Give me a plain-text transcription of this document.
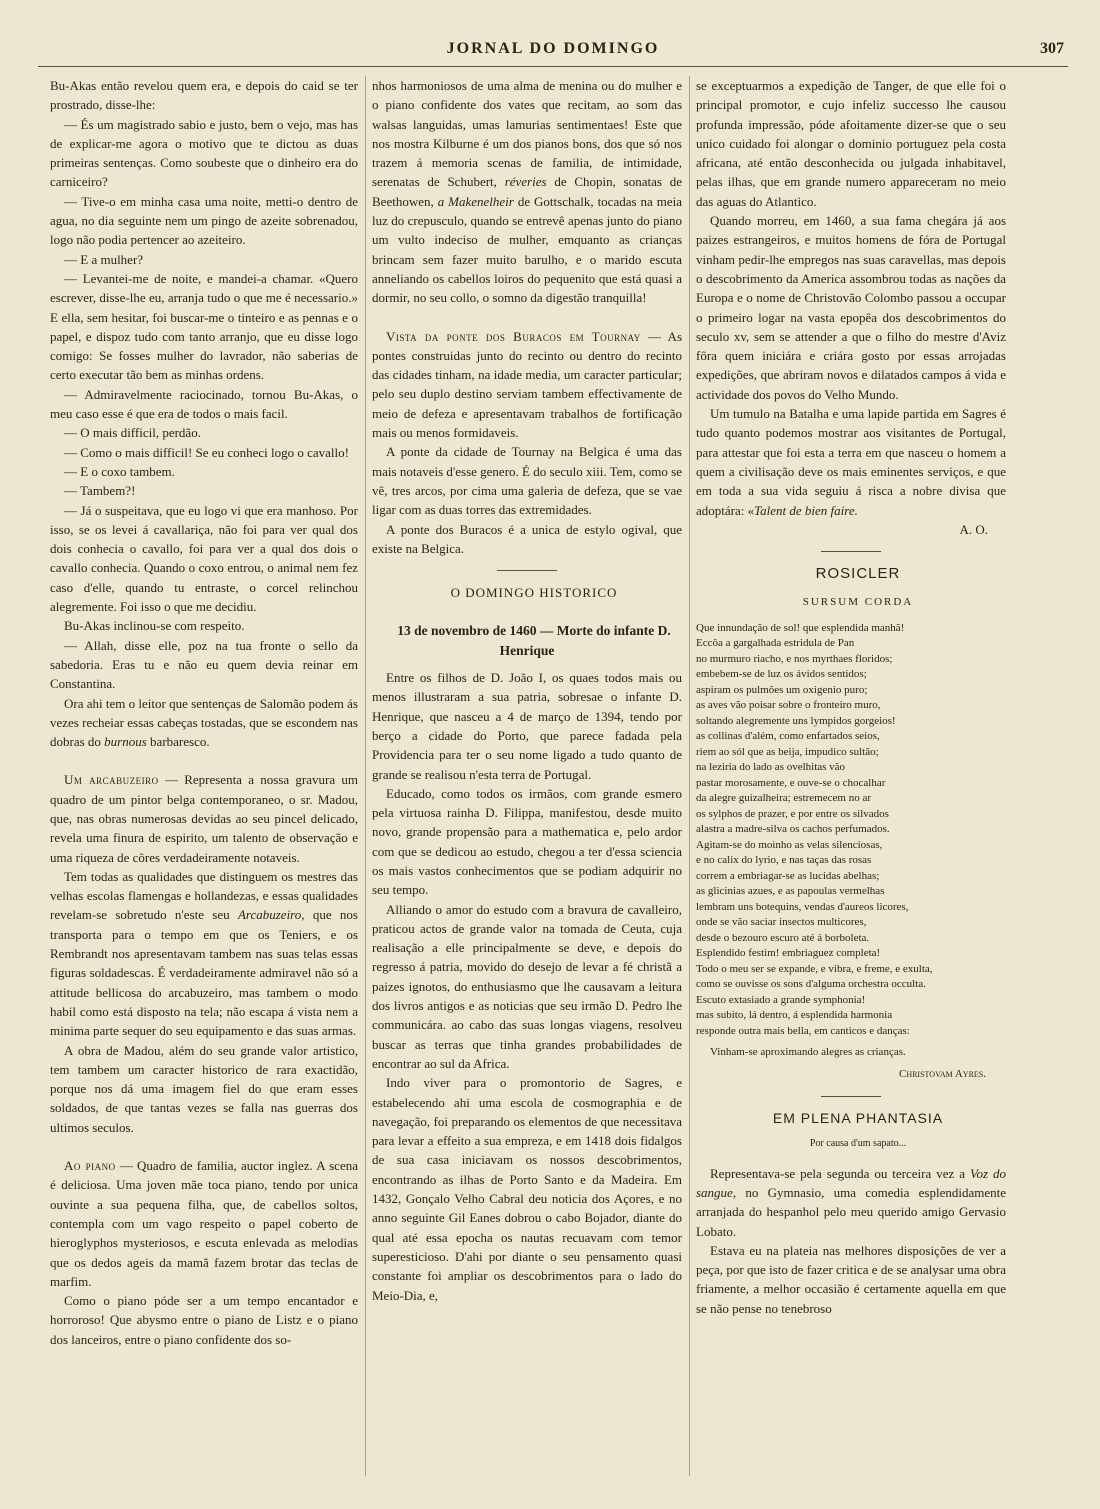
JORNAL DO DOMINGO	307

Bu-Akas então revelou quem era, e depois do caid se ter prostrado, disse-lhe:

— És um magistrado sabio e justo, bem o vejo, mas has de explicar-me agora o motivo que te dictou as duas primeiras sentenças. Como soubeste que o dinheiro era do carniceiro?

— Tive-o em minha casa uma noite, metti-o dentro de agua, no dia seguinte nem um pingo de azeite sobrenadou, logo não podia pertencer ao azeiteiro.

— E a mulher?

— Levantei-me de noite, e mandei-a chamar. «Quero escrever, disse-lhe eu, arranja tudo o que me é necessario.» E ella, sem hesitar, foi buscar-me o tinteiro e as pennas e o papel, e dispoz tudo com tanto arranjo, que eu disse logo comigo: Se fosses mulher do lavrador, não saberias de certo executar tão bem as minhas ordens.

— Admiravelmente raciocinado, tornou Bu-Akas, o meu caso esse é que era de todos o mais facil.

— O mais difficil, perdão.

— Como o mais difficil! Se eu conheci logo o cavallo!

— E o coxo tambem.

— Tambem?!

— Já o suspeitava, que eu logo vi que era manhoso. Por isso, se os levei á cavallariça, não foi para ver qual dos dois conhecia o cavallo, foi para ver a qual dos dois o cavallo conhecia. Quando o coxo entrou, o animal nem fez caso d'elle, quando tu entraste, o corcel relinchou alegremente. Foi isso o que me decidiu.

Bu-Akas inclinou-se com respeito.

— Allah, disse elle, poz na tua fronte o sello da sabedoria. Eras tu e não eu quem devia reinar em Constantina.

Ora ahi tem o leitor que sentenças de Salomão podem ás vezes recheiar essas cabeças tostadas, que se escondem nas dobras do burnous barbaresco.

Um arcabuzeiro — Representa a nossa gravura um quadro de um pintor belga contemporaneo, o sr. Madou, que, nas obras numerosas devidas ao seu pincel delicado, revela uma finura de espirito, um talento de observação e uma riqueza de côres verdadeiramente notaveis.

Tem todas as qualidades que distinguem os mestres das velhas escolas flamengas e hollandezas, e essas qualidades revelam-se sobretudo n'este seu Arcabuzeiro, que nos transporta para o tempo em que os Teniers, e os Rembrandt nos apresentavam tambem nas suas telas essas figuras soldadescas. É verdadeiramente admiravel não só a attitude bellicosa do arcabuzeiro, mas tambem o modo habil como está disposto na tela; não escapa á vista nem a minima parte sequer do seu equipamento e das suas armas.

A obra de Madou, além do seu grande valor artistico, tem tambem um caracter historico de rara exactidão, porque nos dá uma imagem fiel do que eram esses soldados, de que tantas vezes se falla nas guerras dos ultimos seculos.

Ao piano — Quadro de familia, auctor inglez. A scena é deliciosa. Uma joven mãe toca piano, tendo por unica ouvinte a sua pequena filha, que, de cabellos soltos, contempla com um vago respeito o papel coberto de hieroglyphos mysteriosos, e escuta enlevada as melodias que os dedos ageis da mamã fazem brotar das teclas de marfim.

Como o piano póde ser a um tempo encantador e horroroso! Que abysmo entre o piano de Listz e o piano dos lanceiros, entre o piano confidente dos so-

nhos harmoniosos de uma alma de menina ou do mulher e o piano confidente dos vates que recitam, ao som das walsas languidas, umas lamurias sentimentaes! Este que nos mostra Kilburne é um dos pianos bons, dos que só nos trazem á memoria scenas de familia, de intimidade, serenatas de Schubert, réveries de Chopin, sonatas de Beethowen, a Makenelheir de Gottschalk, tocadas na meia luz do crepusculo, quando se entrevê apenas junto do piano um vulto indeciso de mulher, emquanto as crianças brincam sem fazer muito barulho, e o marido escuta anneliando os cabellos loiros do pequenito que está quasi a dormir, no seu collo, o somno da digestão tranquilla!

Vista da ponte dos Buracos em Tournay — As pontes construidas junto do recinto ou dentro do recinto das cidades tinham, na idade media, um caracter particular; pelo seu duplo destino serviam tambem effectivamente de meio de defeza e apresentavam trabalhos de fortificação mais ou menos formidaveis.

A ponte da cidade de Tournay na Belgica é uma das mais notaveis d'esse genero. É do seculo xiii. Tem, como se vê, tres arcos, por cima uma galeria de defeza, que se vae ligar com as duas torres das extremidades.

A ponte dos Buracos é a unica de estylo ogival, que existe na Belgica.

O DOMINGO HISTORICO

13 de novembro de 1460 — Morte do infante D. Henrique

Entre os filhos de D. João I, os quaes todos mais ou menos illustraram a sua patria, sobresae o infante D. Henrique, que nasceu a 4 de março de 1394, tendo por berço a cidade do Porto, que parece fadada pela Providencia para ter o seu nome ligado a tudo quanto de grande se realisou n'esta terra de Portugal.

Educado, como todos os irmãos, com grande esmero pela virtuosa rainha D. Filippa, manifestou, desde muito novo, grande propensão para a mathematica e, pelo ardor com que se dedicou ao estudo, chegou a ter d'essa sciencia os mais vastos conhecimentos que se podiam adquirir no seu tempo.

Alliando o amor do estudo com a bravura de cavalleiro, praticou actos de grande valor na tomada de Ceuta, cuja realisação a elle principalmente se deve, e depois do regresso á patria, movido do desejo de levar a fé christã a paizes ignotos, do enthusiasmo que lhe causavam a leitura dos livros antigos e as noticias que seu irmão D. Pedro lhe communicára. ao cabo das suas longas viagens, resolveu buscar as terras que tinha grandes probabilidades de encontrar ao sul da Africa.

Indo viver para o promontorio de Sagres, e estabelecendo ahi uma escola de cosmographia e de navegação, foi preparando os elementos de que necessitava para levar a effeito a sua empreza, e em 1418 dois fidalgos de sua casa iniciavam os nossos descobrimentos, encontrando as ilhas de Porto Santo e da Madeira. Em 1432, Gonçalo Velho Cabral deu noticia dos Açores, e no anno seguinte Gil Eanes dobrou o cabo Bojador, diante do qual até essa epocha os nautas recuavam com temor superesticioso. D'ahi por diante o seu pensamento quasi constante foi ampliar os descobrimentos para o lado do Meio-Dia, e,

se exceptuarmos a expedição de Tanger, de que elle foi o principal promotor, e cujo infeliz successo lhe causou profunda impressão, póde afoitamente dizer-se que o seu unico cuidado foi alongar o dominio portuguez pela costa africana, até então desconhecida ou julgada inhabitavel, pelas ilhas, que em grande numero appareceram no meio das aguas do Atlantico.

Quando morreu, em 1460, a sua fama chegára já aos paizes estrangeiros, e muitos homens de fóra de Portugal vinham pedir-lhe empregos nas suas caravellas, mas depois o descobrimento da America assombrou todas as nações da Europa e o nome de Christovão Colombo passou a occupar o primeiro logar na vasta epopêa dos descobrimentos do seculo xv, sem se attender a que o filho do mestre d'Aviz fôra quem iniciára e criára gosto por essas arrojadas expedições, que abriram novos e dilatados campos á vida e actividade dos povos do Velho Mundo.

Um tumulo na Batalha e uma lapide partida em Sagres é tudo quanto podemos mostrar aos visitantes de Portugal, para attestar que foi esta a terra em que nasceu o homem a quem a civilisação deve os mais eminentes serviços, e que em toda a sua vida seguiu á risca a nobre divisa que adoptára: «Talent de bien faire.

A. O.

ROSICLER

SURSUM CORDA

Que innundação de sol! que esplendida manhã!
Eccôa a gargalhada estridula de Pan
no murmuro riacho, e nos myrthaes floridos;
embebem-se de luz os ávidos sentidos;
aspiram os pulmões um oxigenio puro;
as aves vão poisar sobre o fronteiro muro,
soltando alegremente uns lympidos gorgeios!
as collinas d'além, como enfartados seios,
riem ao sól que as beija, impudico sultão;
na leziria do lado as ovelhitas vão
pastar morosamente, e ouve-se o chocalhar
da alegre guizalheira; estremecem no ar
os sylphos de prazer, e por entre os silvados
alastra a madre-silva os cachos perfumados.
Agitam-se do moinho as velas silenciosas,
e no calix do lyrio, e nas taças das rosas
correm a embriagar-se as lucidas abelhas;
as glicinias azues, e as papoulas vermelhas
lembram uns botequins, vendas d'aureos licores,
onde se vão saciar insectos multicores,
desde o bezouro escuro até á borboleta.
Esplendido festim! embriaguez completa!
Todo o meu ser se expande, e vibra, e freme, e exulta,
como se ouvisse os sons d'alguma orchestra occulta.
Escuto extasiado a grande symphonia!
mas subito, lá dentro, á esplendida harmonia
responde outra mais bella, em canticos e danças:

Vinham-se aproximando alegres as crianças.

Christovam Ayres.

EM PLENA PHANTASIA

Por causa d'um sapato...

Representava-se pela segunda ou terceira vez a Voz do sangue, no Gymnasio, uma comedia esplendidamente arranjada do hespanhol pelo meu querido amigo Gervasio Lobato.

Estava eu na plateia nas melhores disposições de ver a peça, por que isto de fazer critica e de se analysar uma obra friamente, a melhor occasião é certamente aquella em que se não pense no tenebroso
